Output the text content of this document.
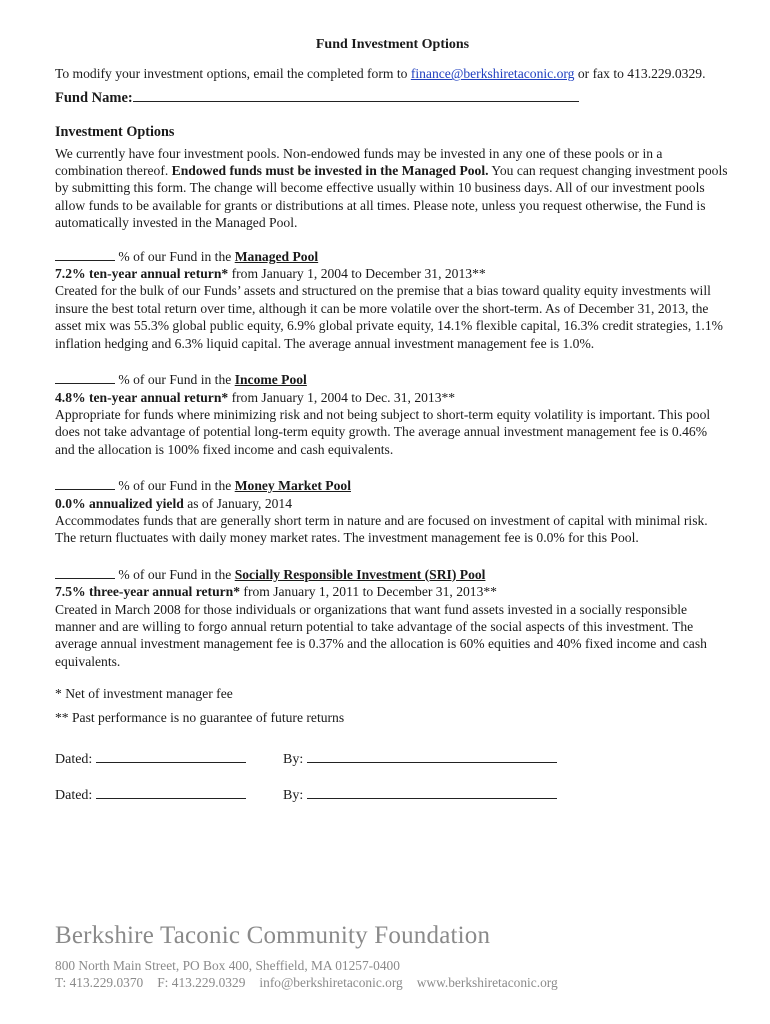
Fund Investment Options

To modify your investment options, email the completed form to finance@berkshiretaconic.org or fax to 413.229.0329.

Fund Name:

Investment Options

We currently have four investment pools. Non-endowed funds may be invested in any one of these pools or in a combination thereof. Endowed funds must be invested in the Managed Pool. You can request changing investment pools by submitting this form. The change will become effective usually within 10 business days. All of our investment pools allow funds to be available for grants or distributions at all times. Please note, unless you request otherwise, the Fund is automatically invested in the Managed Pool.

% of our Fund in the Managed Pool

7.2% ten-year annual return* from January 1, 2004 to December 31, 2013**

Created for the bulk of our Funds’ assets and structured on the premise that a bias toward quality equity investments will insure the best total return over time, although it can be more volatile over the short-term. As of December 31, 2013, the asset mix was 55.3% global public equity, 6.9% global private equity, 14.1% flexible capital, 16.3% credit strategies, 1.1% inflation hedging and 6.3% liquid capital. The average annual investment management fee is 1.0%.

% of our Fund in the Income Pool

4.8% ten-year annual return* from January 1, 2004 to Dec. 31, 2013**

Appropriate for funds where minimizing risk and not being subject to short-term equity volatility is important. This pool does not take advantage of potential long-term equity growth. The average annual investment management fee is 0.46% and the allocation is 100% fixed income and cash equivalents.

% of our Fund in the Money Market Pool

0.0% annualized yield as of January, 2014

Accommodates funds that are generally short term in nature and are focused on investment of capital with minimal risk. The return fluctuates with daily money market rates. The investment management fee is 0.0% for this Pool.

% of our Fund in the Socially Responsible Investment (SRI) Pool

7.5% three-year annual return* from January 1, 2011 to December 31, 2013**

Created in March 2008 for those individuals or organizations that want fund assets invested in a socially responsible manner and are willing to forgo annual return potential to take advantage of the social aspects of this investment. The average annual investment management fee is 0.37% and the allocation is 60% equities and 40% fixed income and cash equivalents.

* Net of investment manager fee

** Past performance is no guarantee of future returns

Dated:	By:
Dated:	By:

Berkshire Taconic Community Foundation

800 North Main Street, PO Box 400, Sheffield, MA 01257-0400

T: 413.229.0370 F: 413.229.0329 info@berkshiretaconic.org www.berkshiretaconic.org
